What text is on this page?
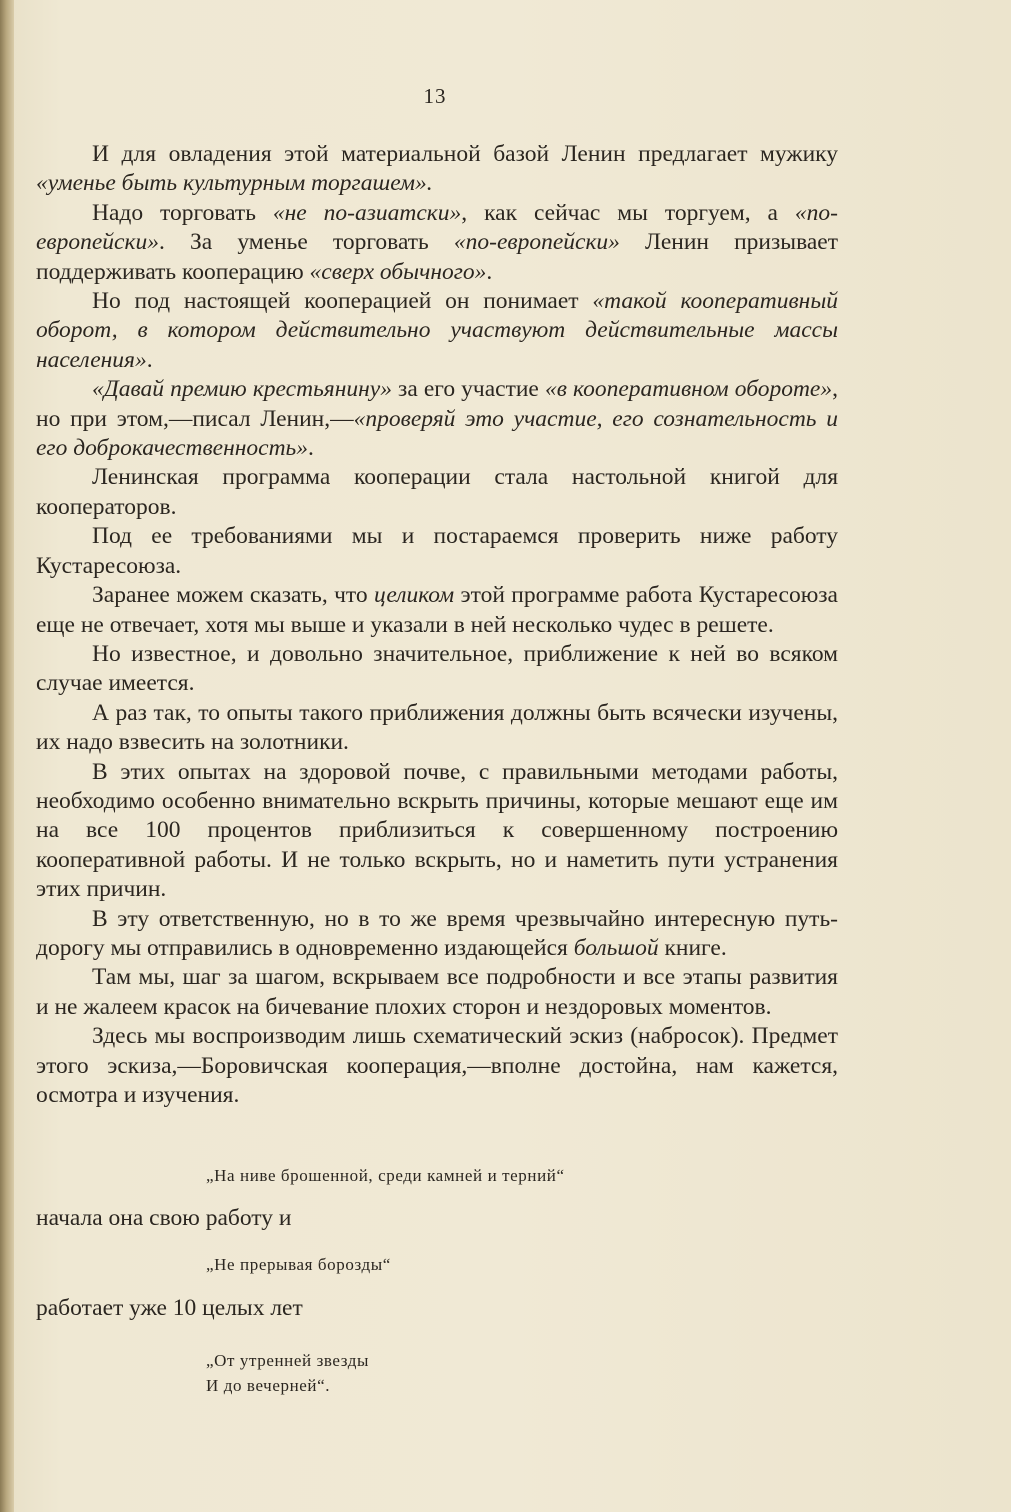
13

И для овладения этой материальной базой Ленин предлагает мужику «уменье быть культурным торгашем».

Надо торговать «не по-азиатски», как сейчас мы торгуем, а «по-европейски». За уменье торговать «по-европейски» Ленин призывает поддерживать кооперацию «сверх обычного».

Но под настоящей кооперацией он понимает «такой кооперативный оборот, в котором действительно участвуют действительные массы населения».

«Давай премию крестьянину» за его участие «в кооперативном обороте», но при этом,—писал Ленин,—«проверяй это участие, его сознательность и его доброкачественность».

Ленинская программа кооперации стала настольной книгой для кооператоров.

Под ее требованиями мы и постараемся проверить ниже работу Кустаресоюза.

Заранее можем сказать, что целиком этой программе работа Кустаресоюза еще не отвечает, хотя мы выше и указали в ней несколько чудес в решете.

Но известное, и довольно значительное, приближение к ней во всяком случае имеется.

А раз так, то опыты такого приближения должны быть всячески изучены, их надо взвесить на золотники.

В этих опытах на здоровой почве, с правильными методами работы, необходимо особенно внимательно вскрыть причины, которые мешают еще им на все 100 процентов приблизиться к совершенному построению кооперативной работы. И не только вскрыть, но и наметить пути устранения этих причин.

В эту ответственную, но в то же время чрезвычайно интересную путь-дорогу мы отправились в одновременно издающейся большой книге.

Там мы, шаг за шагом, вскрываем все подробности и все этапы развития и не жалеем красок на бичевание плохих сторон и нездоровых моментов.

Здесь мы воспроизводим лишь схематический эскиз (набросок). Предмет этого эскиза,—Боровичская кооперация,—вполне достойна, нам кажется, осмотра и изучения.

„На ниве брошенной, среди камней и терний“
начала она свою работу и
„Не прерывая борозды“
работает уже 10 целых лет
„От утренней звезды
И до вечерней“.
